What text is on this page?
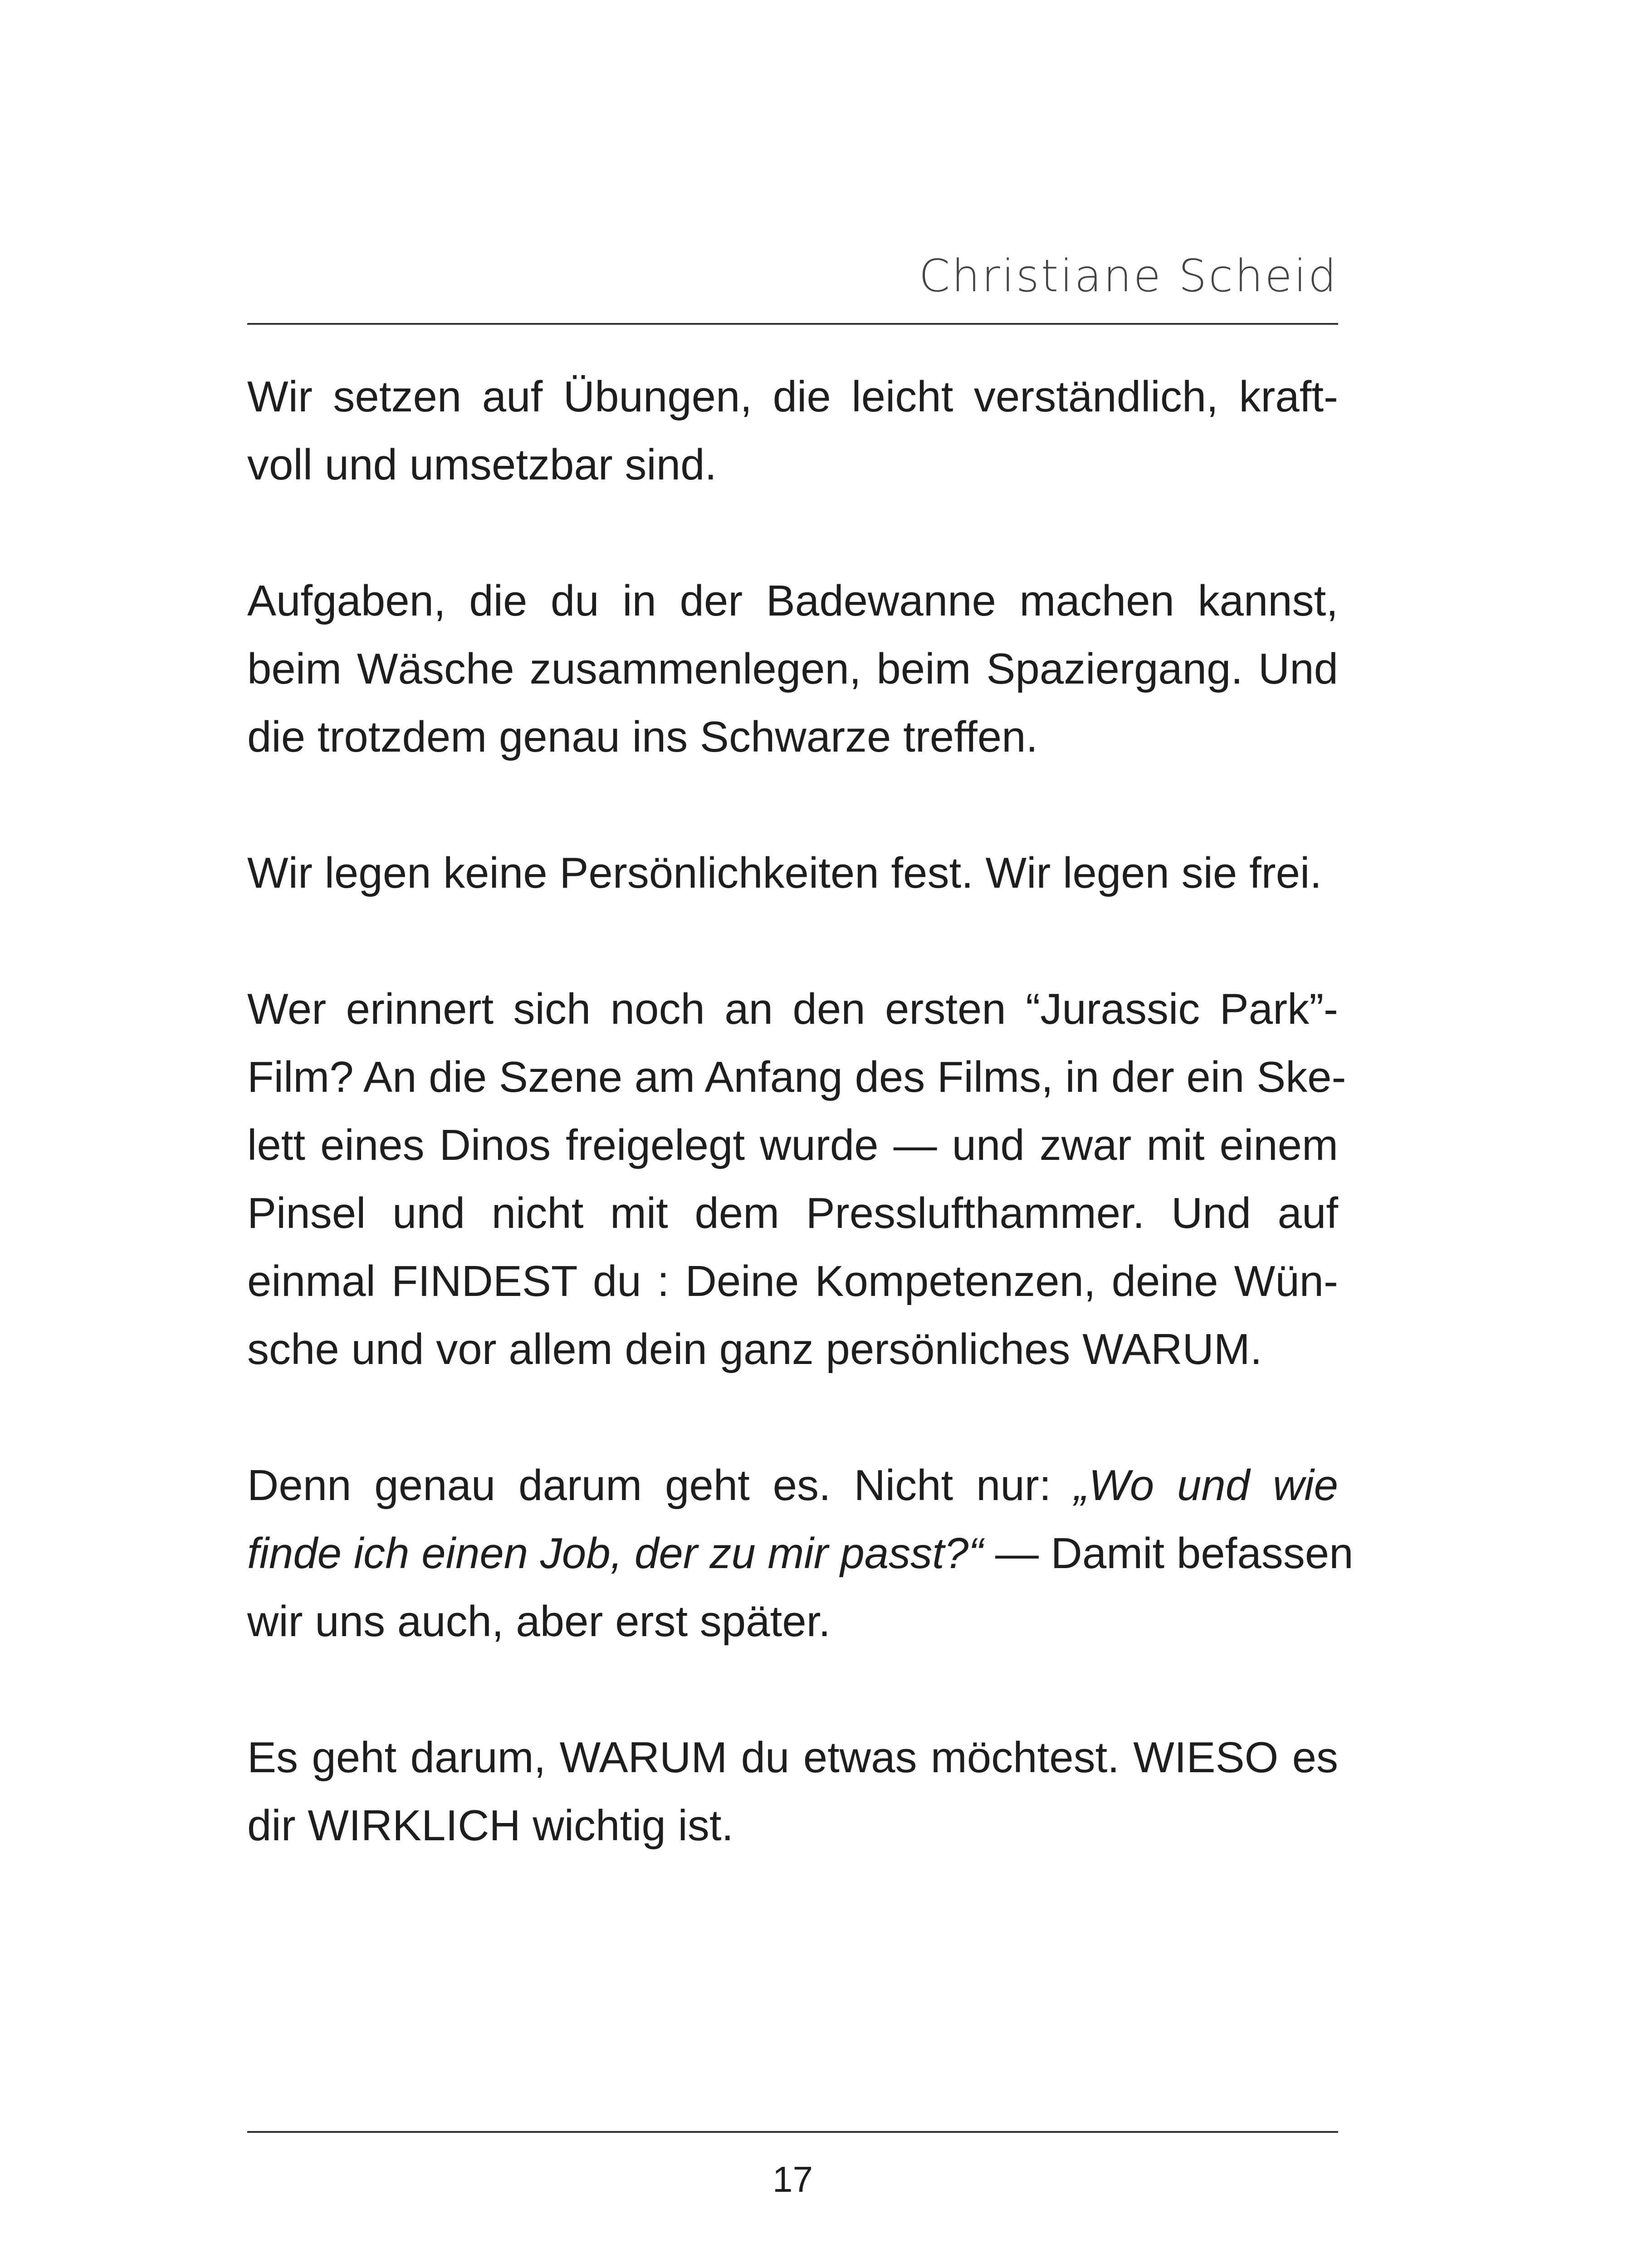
Christiane Scheid

Wir setzen auf Übungen, die leicht verständlich, kraft-
voll und umsetzbar sind.

Aufgaben, die du in der Badewanne machen kannst,
beim Wäsche zusammenlegen, beim Spaziergang. Und
die trotzdem genau ins Schwarze treffen.

Wir legen keine Persönlichkeiten fest. Wir legen sie frei.

Wer erinnert sich noch an den ersten “Jurassic Park”-
Film? An die Szene am Anfang des Films, in der ein Ske-
lett eines Dinos freigelegt wurde — und zwar mit einem
Pinsel und nicht mit dem Presslufthammer. Und auf
einmal FINDEST du : Deine Kompetenzen, deine Wün-
sche und vor allem dein ganz persönliches WARUM.

Denn genau darum geht es. Nicht nur: „Wo und wie
finde ich einen Job, der zu mir passt?“ — Damit befassen
wir uns auch, aber erst später.

Es geht darum, WARUM du etwas möchtest. WIESO es
dir WIRKLICH wichtig ist.

17
